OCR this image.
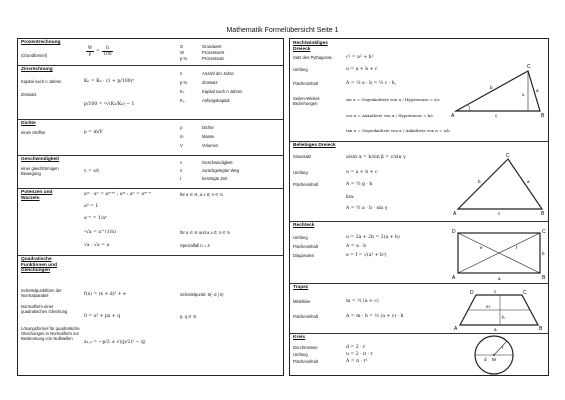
Mathematik Formelübersicht Seite 1
Prozentrechnung
(Grundformel)
W
p	=
G
100
G	Grundwert
W	Prozentwert
p %	Prozentsatz
Zinsrechnung
Kapital nach n Jahren	Kₙ = K₀ · (1 + p/100)ⁿ
Zinssatz
p/100 = ⁿ√(Kₙ/K₀) − 1
n	Anzahl der Jahre
p %	Zinssatz
Kₙ	Kapital nach n Jahren
K₀	Anfangskapital
Dichte
eines Stoffes	ρ = m/V
ρ	Dichte
m	Masse
V	Volumen
Geschwindigkeit
einer gleichförmigen Bewegung	v = s/t
v	Geschwindigkeit
s	zurückgelegter Weg
t	benötigte Zeit
Potenzen und Wurzeln
aᵐ · aⁿ = aᵐ⁺ⁿ ; aᵐ : aⁿ = aᵐ⁻ⁿ	für a ∈ ℝ, a ≠ 0; n ∈ ℕ
a⁰ = 1
a⁻ⁿ = 1/aⁿ
ⁿ√a = a^(1/n)	für a ∈ ℝ und a ≥ 0; n ∈ ℕ
√a · √a = a	Spezialfall n = 2
Quadratische Funktionen und Gleichungen
Scheitelpunktform der Normalparabel	f(x) = (x + d)² + e	Scheitelpunkt: S(−d | e)
Normalform einer quadratischen Gleichung
0 = x² + px + q	p, q ∈ ℝ
Lösungsformel für quadratische Gleichungen in Normalform zur Bestimmung von Nullstellen
x₁,₂ = −p/2 ± √((p/2)² − q)
Rechtwinkliges Dreieck
Satz des Pythagoras	c² = a² + b²
Umfang	u = a + b + c
Flächeninhalt	A = ½ a · b = ½ c · h꜀
Seiten-Winkel-Beziehungen
sin α = Gegenkathete von α / Hypotenuse = a/c
cos α = Ankathete von α / Hypotenuse = b/c
tan α = Gegenkathete von α / Ankathete von α = a/b
A	B
C
a
b
c
h꜀
Beliebiges Dreieck
Sinussatz	a/sin α = b/sin β = c/sin γ
Umfang	u = a + b + c
Flächeninhalt	A = ½ g · h
bzw.
A = ½ a · b · sin γ
A	B
C
a
b
c
Rechteck
Umfang	u = 2a + 2b = 2(a + b)
Flächeninhalt	A = a · b
Diagonalen	e = f = √(a² + b²)
A	B
C
D
a
b
e	f
Trapez
Mittellinie	m = ½ (a + c)
Flächeninhalt	A = m · h = ½ (a + c) · h
A	B
C
D
a
c
h
m
Kreis
Durchmesser	d = 2 · r
Umfang	u = 2 · π · r
Flächeninhalt	A = π · r²
r
d M
